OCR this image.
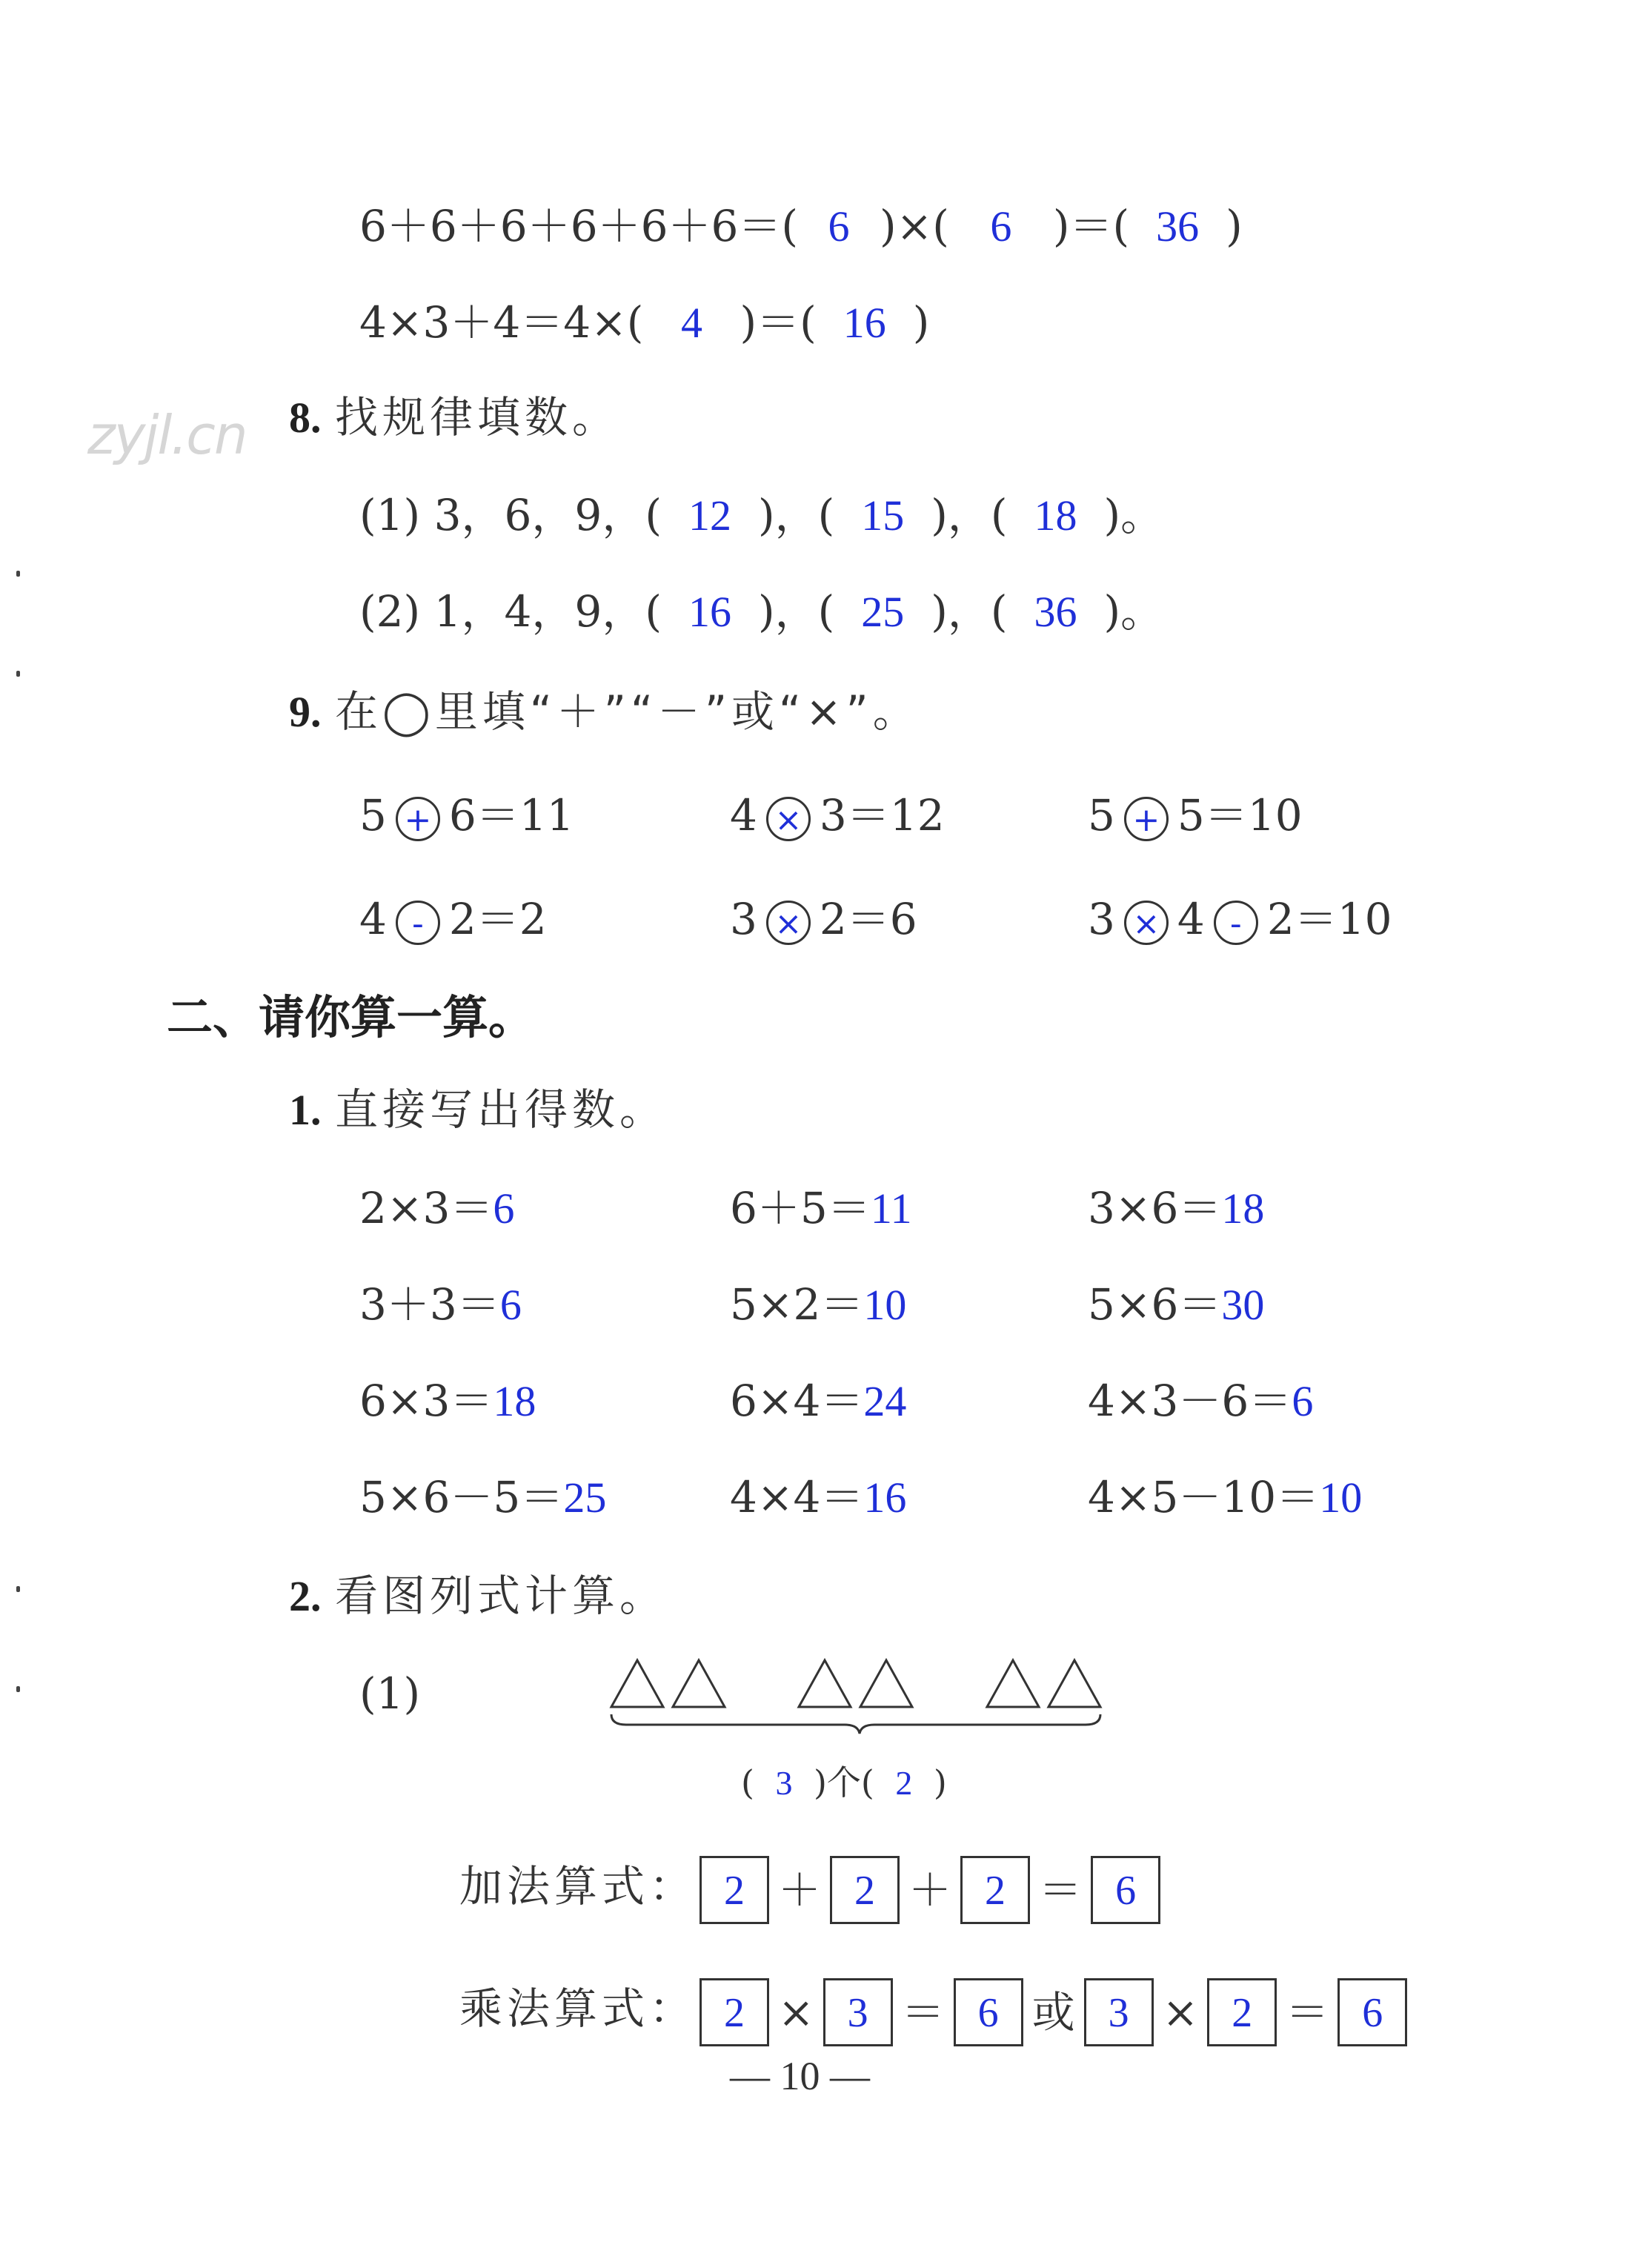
zyjl.cn
6＋6＋6＋6＋6＋6＝( 6 )×( 6 )＝( 36 )
4×3＋4＝4×( 4 )＝( 16 )
8. 找规律填数。
(1) 3，6，9，( 12 )，( 15 )，( 18 )。
(2) 1，4，9，( 16 )，( 25 )，( 36 )。
9. 在◯里填“＋”“－”或“×”。
5 + 6＝11	4 × 3＝12	5 + 5＝10
4 - 2＝2	3 × 2＝6	3 × 4 - 2＝10
二、请你算一算。
1. 直接写出得数。
2×3＝6	6＋5＝11	3×6＝18
3＋3＝6	5×2＝10	5×6＝30
6×3＝18	6×4＝24	4×3－6＝6
5×6－5＝25	4×4＝16	4×5－10＝10
2. 看图列式计算。
(1)
( 3 )个( 2 )
加法算式： 2 ＋ 2 ＋ 2 ＝ 6
乘法算式： 2 × 3 ＝ 6 或 3 × 2 ＝ 6
— 10 —
